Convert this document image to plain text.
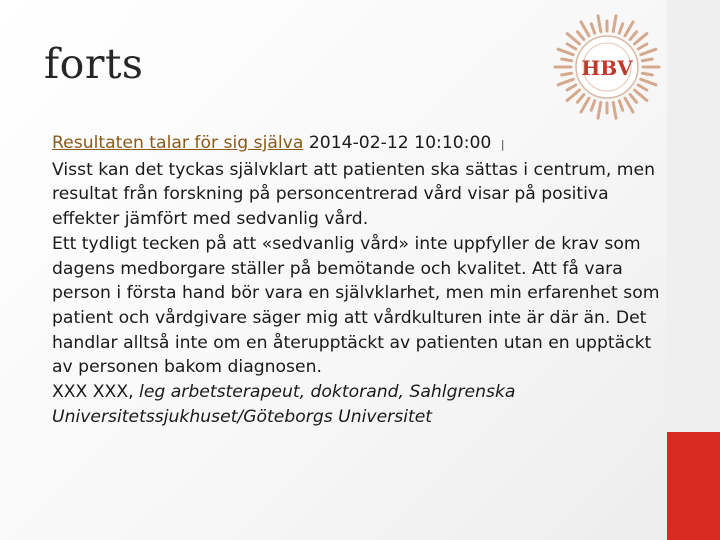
forts	HBV

Resultaten talar för sig själva 2014-02-12 10:10:00 |

Visst kan det tyckas självklart att patienten ska sättas i centrum, men resultat från forskning på personcentrerad vård visar på positiva effekter jämfört med sedvanlig vård.

Ett tydligt tecken på att «sedvanlig vård» inte uppfyller de krav som dagens medborgare ställer på bemötande och kvalitet. Att få vara person i första hand bör vara en självklarhet, men min erfarenhet som patient och vårdgivare säger mig att vårdkulturen inte är där än. Det handlar alltså inte om en återupptäckt av patienten utan en upptäckt av personen bakom diagnosen.

XXX XXX, leg arbetsterapeut, doktorand, Sahlgrenska Universitetssjukhuset/Göteborgs Universitet
